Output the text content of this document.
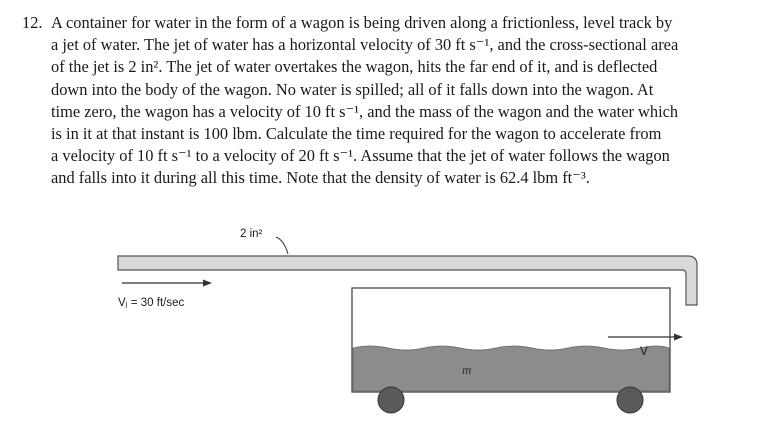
12. A container for water in the form of a wagon is being driven along a frictionless, level track by
a jet of water. The jet of water has a horizontal velocity of 30 ft s⁻¹, and the cross-sectional area
of the jet is 2 in². The jet of water overtakes the wagon, hits the far end of it, and is deflected
down into the body of the wagon. No water is spilled; all of it falls down into the wagon. At
time zero, the wagon has a velocity of 10 ft s⁻¹, and the mass of the wagon and the water which
is in it at that instant is 100 lbm. Calculate the time required for the wagon to accelerate from
a velocity of 10 ft s⁻¹ to a velocity of 20 ft s⁻¹. Assume that the jet of water follows the wagon
and falls into it during all this time. Note that the density of water is 62.4 lbm ft⁻³.
2 in²
Vⱼ = 30 ft/sec
V
m
